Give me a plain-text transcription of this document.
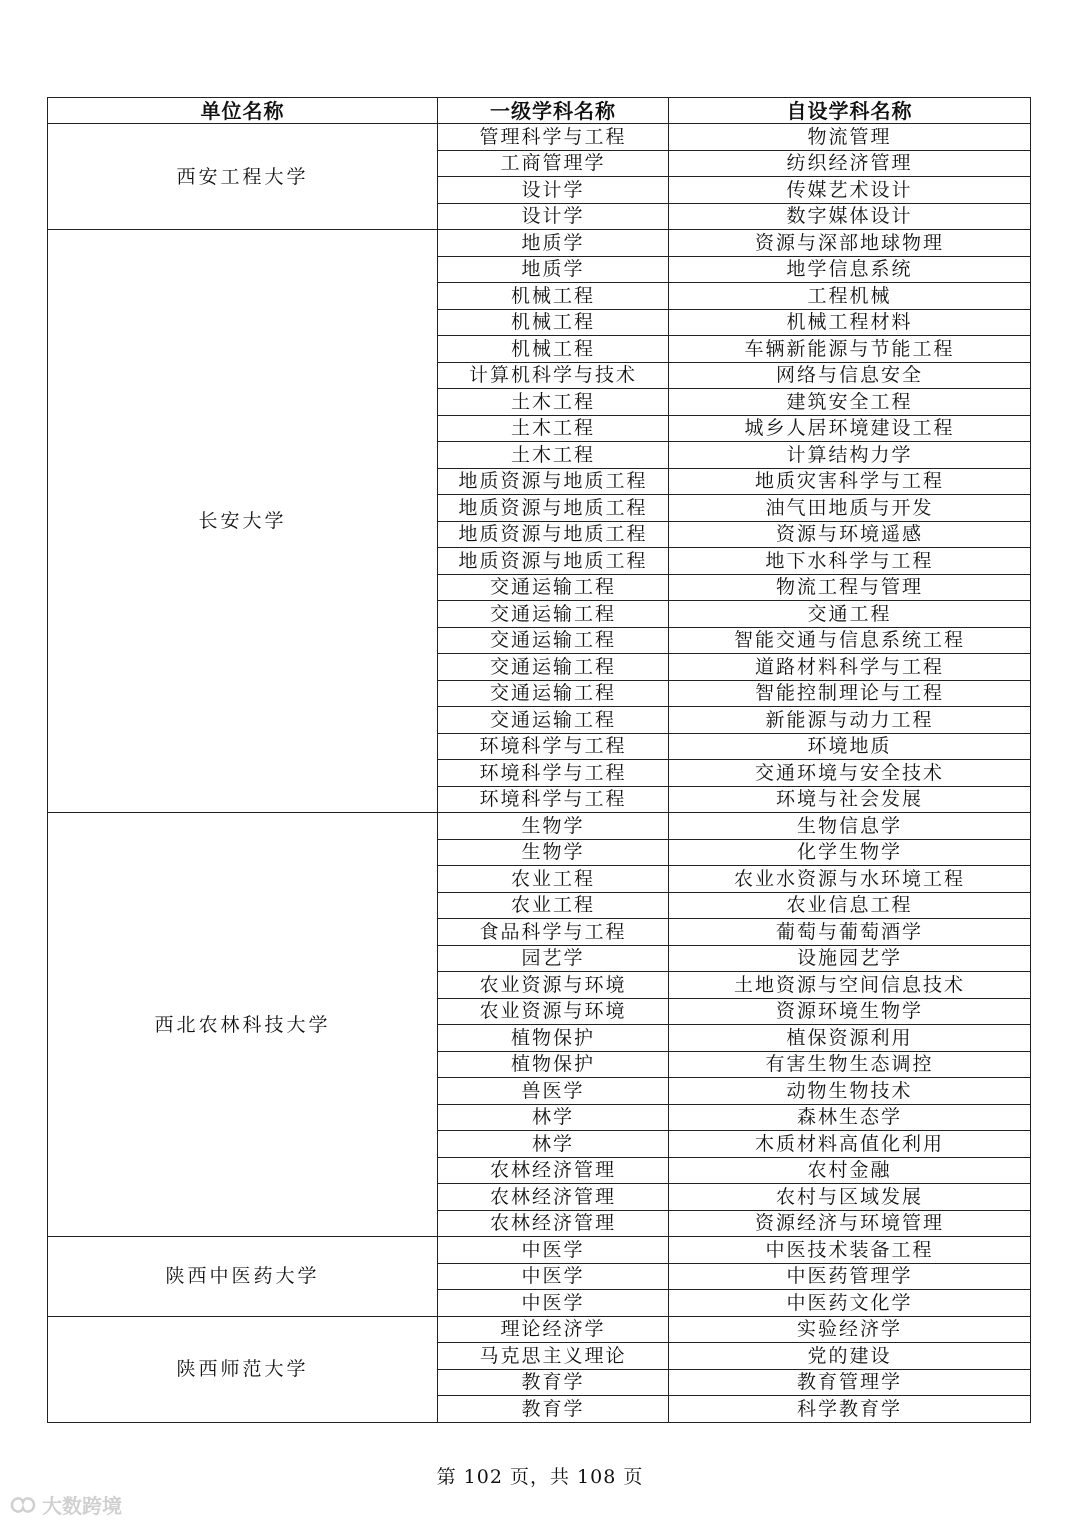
单位名称	一级学科名称	自设学科名称
西安工程大学	管理科学与工程	物流管理
	工商管理学	纺织经济管理
	设计学	传媒艺术设计
	设计学	数字媒体设计
长安大学	地质学	资源与深部地球物理
	地质学	地学信息系统
	机械工程	工程机械
	机械工程	机械工程材料
	机械工程	车辆新能源与节能工程
	计算机科学与技术	网络与信息安全
	土木工程	建筑安全工程
	土木工程	城乡人居环境建设工程
	土木工程	计算结构力学
	地质资源与地质工程	地质灾害科学与工程
	地质资源与地质工程	油气田地质与开发
	地质资源与地质工程	资源与环境遥感
	地质资源与地质工程	地下水科学与工程
	交通运输工程	物流工程与管理
	交通运输工程	交通工程
	交通运输工程	智能交通与信息系统工程
	交通运输工程	道路材料科学与工程
	交通运输工程	智能控制理论与工程
	交通运输工程	新能源与动力工程
	环境科学与工程	环境地质
	环境科学与工程	交通环境与安全技术
	环境科学与工程	环境与社会发展
西北农林科技大学	生物学	生物信息学
	生物学	化学生物学
	农业工程	农业水资源与水环境工程
	农业工程	农业信息工程
	食品科学与工程	葡萄与葡萄酒学
	园艺学	设施园艺学
	农业资源与环境	土地资源与空间信息技术
	农业资源与环境	资源环境生物学
	植物保护	植保资源利用
	植物保护	有害生物生态调控
	兽医学	动物生物技术
	林学	森林生态学
	林学	木质材料高值化利用
	农林经济管理	农村金融
	农林经济管理	农村与区域发展
	农林经济管理	资源经济与环境管理
陕西中医药大学	中医学	中医技术装备工程
	中医学	中医药管理学
	中医学	中医药文化学
陕西师范大学	理论经济学	实验经济学
	马克思主义理论	党的建设
	教育学	教育管理学
	教育学	科学教育学
第 102 页，共 108 页
大数跨境
